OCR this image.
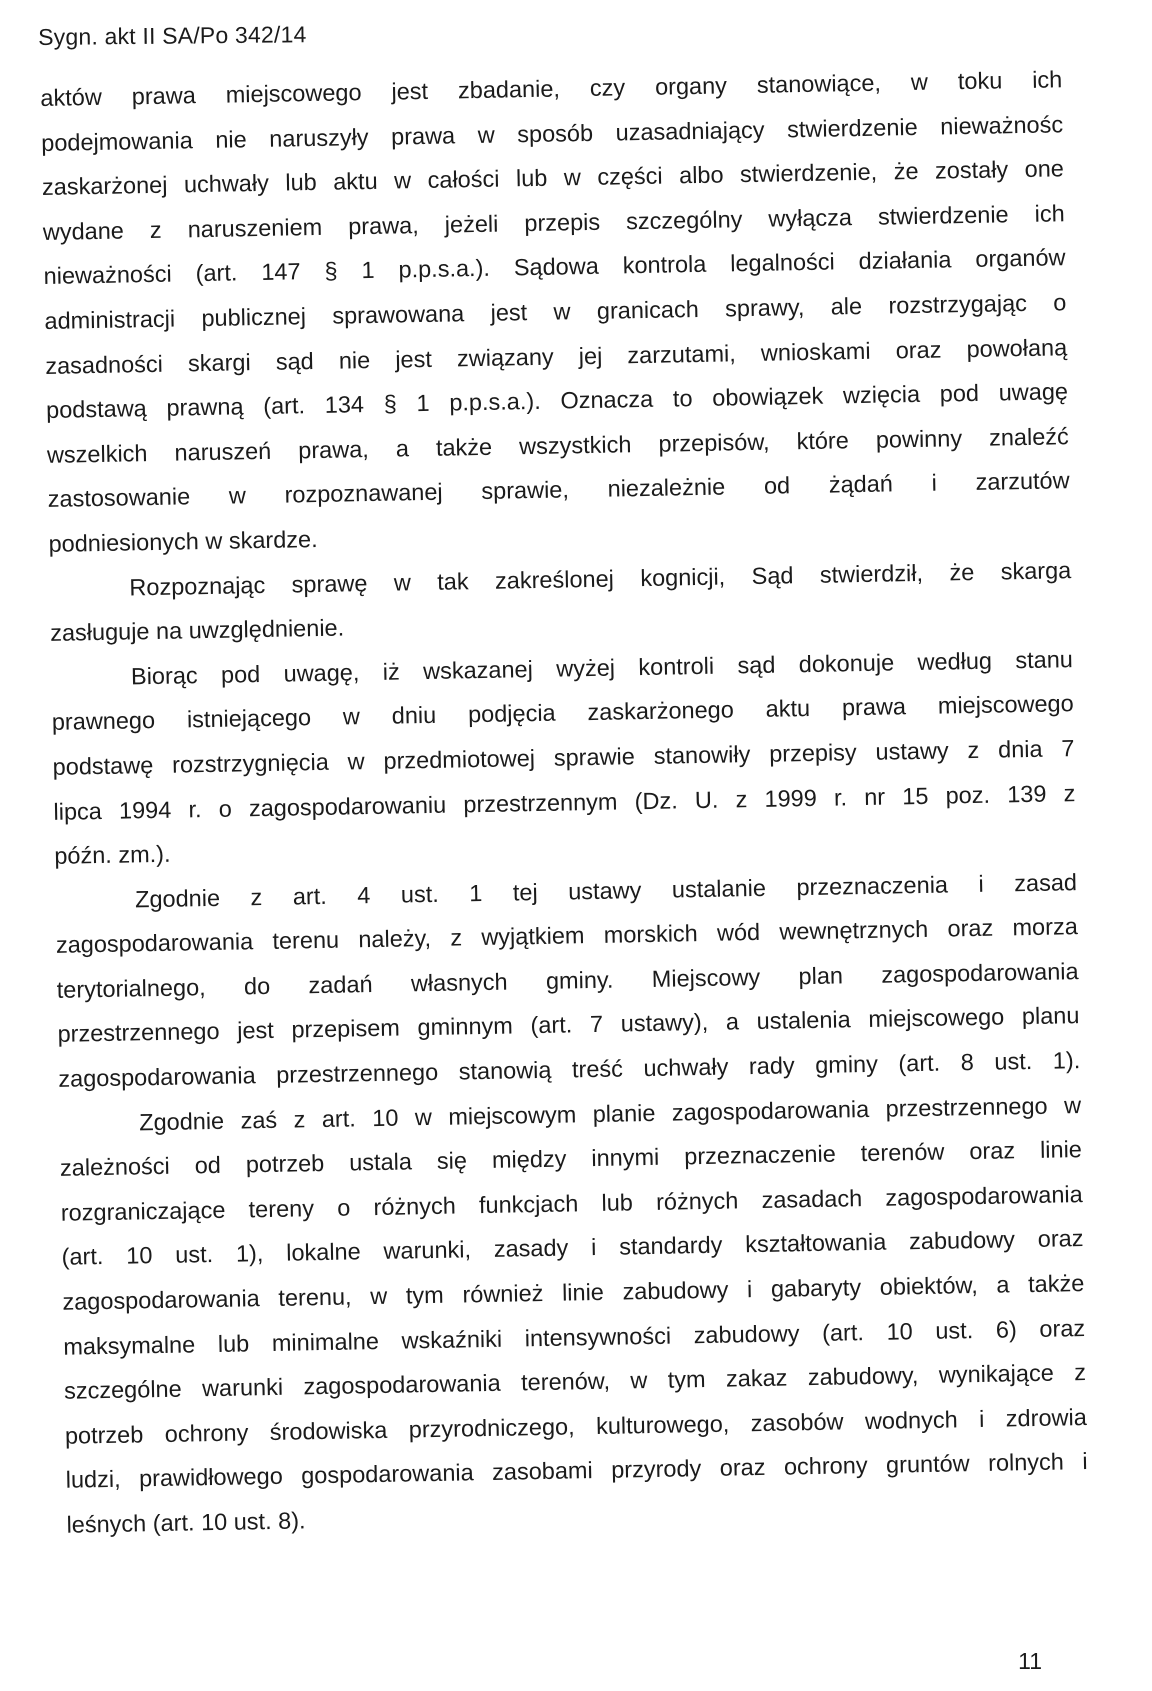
Sygn. akt II SA/Po 342/14
aktów prawa miejscowego jest zbadanie, czy organy stanowiące, w toku ich
podejmowania nie naruszyły prawa w sposób uzasadniający stwierdzenie nieważnośc
zaskarżonej uchwały lub aktu w całości lub w części albo stwierdzenie, że zostały one
wydane z naruszeniem prawa, jeżeli przepis szczególny wyłącza stwierdzenie ich
nieważności (art. 147 § 1 p.p.s.a.). Sądowa kontrola legalności działania organów
administracji publicznej sprawowana jest w granicach sprawy, ale rozstrzygając o
zasadności skargi sąd nie jest związany jej zarzutami, wnioskami oraz powołaną
podstawą prawną (art. 134 § 1 p.p.s.a.). Oznacza to obowiązek wzięcia pod uwagę
wszelkich naruszeń prawa, a także wszystkich przepisów, które powinny znaleźć
zastosowanie w rozpoznawanej sprawie, niezależnie od żądań i zarzutów
podniesionych w skardze.
Rozpoznając sprawę w tak zakreślonej kognicji, Sąd stwierdził, że skarga
zasługuje na uwzględnienie.
Biorąc pod uwagę, iż wskazanej wyżej kontroli sąd dokonuje według stanu
prawnego istniejącego w dniu podjęcia zaskarżonego aktu prawa miejscowego
podstawę rozstrzygnięcia w przedmiotowej sprawie stanowiły przepisy ustawy z dnia 7
lipca 1994 r. o zagospodarowaniu przestrzennym (Dz. U. z 1999 r. nr 15 poz. 139 z
późn. zm.).
Zgodnie z art. 4 ust. 1 tej ustawy ustalanie przeznaczenia i zasad
zagospodarowania terenu należy, z wyjątkiem morskich wód wewnętrznych oraz morza
terytorialnego, do zadań własnych gminy. Miejscowy plan zagospodarowania
przestrzennego jest przepisem gminnym (art. 7 ustawy), a ustalenia miejscowego planu
zagospodarowania przestrzennego stanowią treść uchwały rady gminy (art. 8 ust. 1).
Zgodnie zaś z art. 10 w miejscowym planie zagospodarowania przestrzennego w
zależności od potrzeb ustala się między innymi przeznaczenie terenów oraz linie
rozgraniczające tereny o różnych funkcjach lub różnych zasadach zagospodarowania
(art. 10 ust. 1), lokalne warunki, zasady i standardy kształtowania zabudowy oraz
zagospodarowania terenu, w tym również linie zabudowy i gabaryty obiektów, a także
maksymalne lub minimalne wskaźniki intensywności zabudowy (art. 10 ust. 6) oraz
szczególne warunki zagospodarowania terenów, w tym zakaz zabudowy, wynikające z
potrzeb ochrony środowiska przyrodniczego, kulturowego, zasobów wodnych i zdrowia
ludzi, prawidłowego gospodarowania zasobami przyrody oraz ochrony gruntów rolnych i
leśnych (art. 10 ust. 8).
11
